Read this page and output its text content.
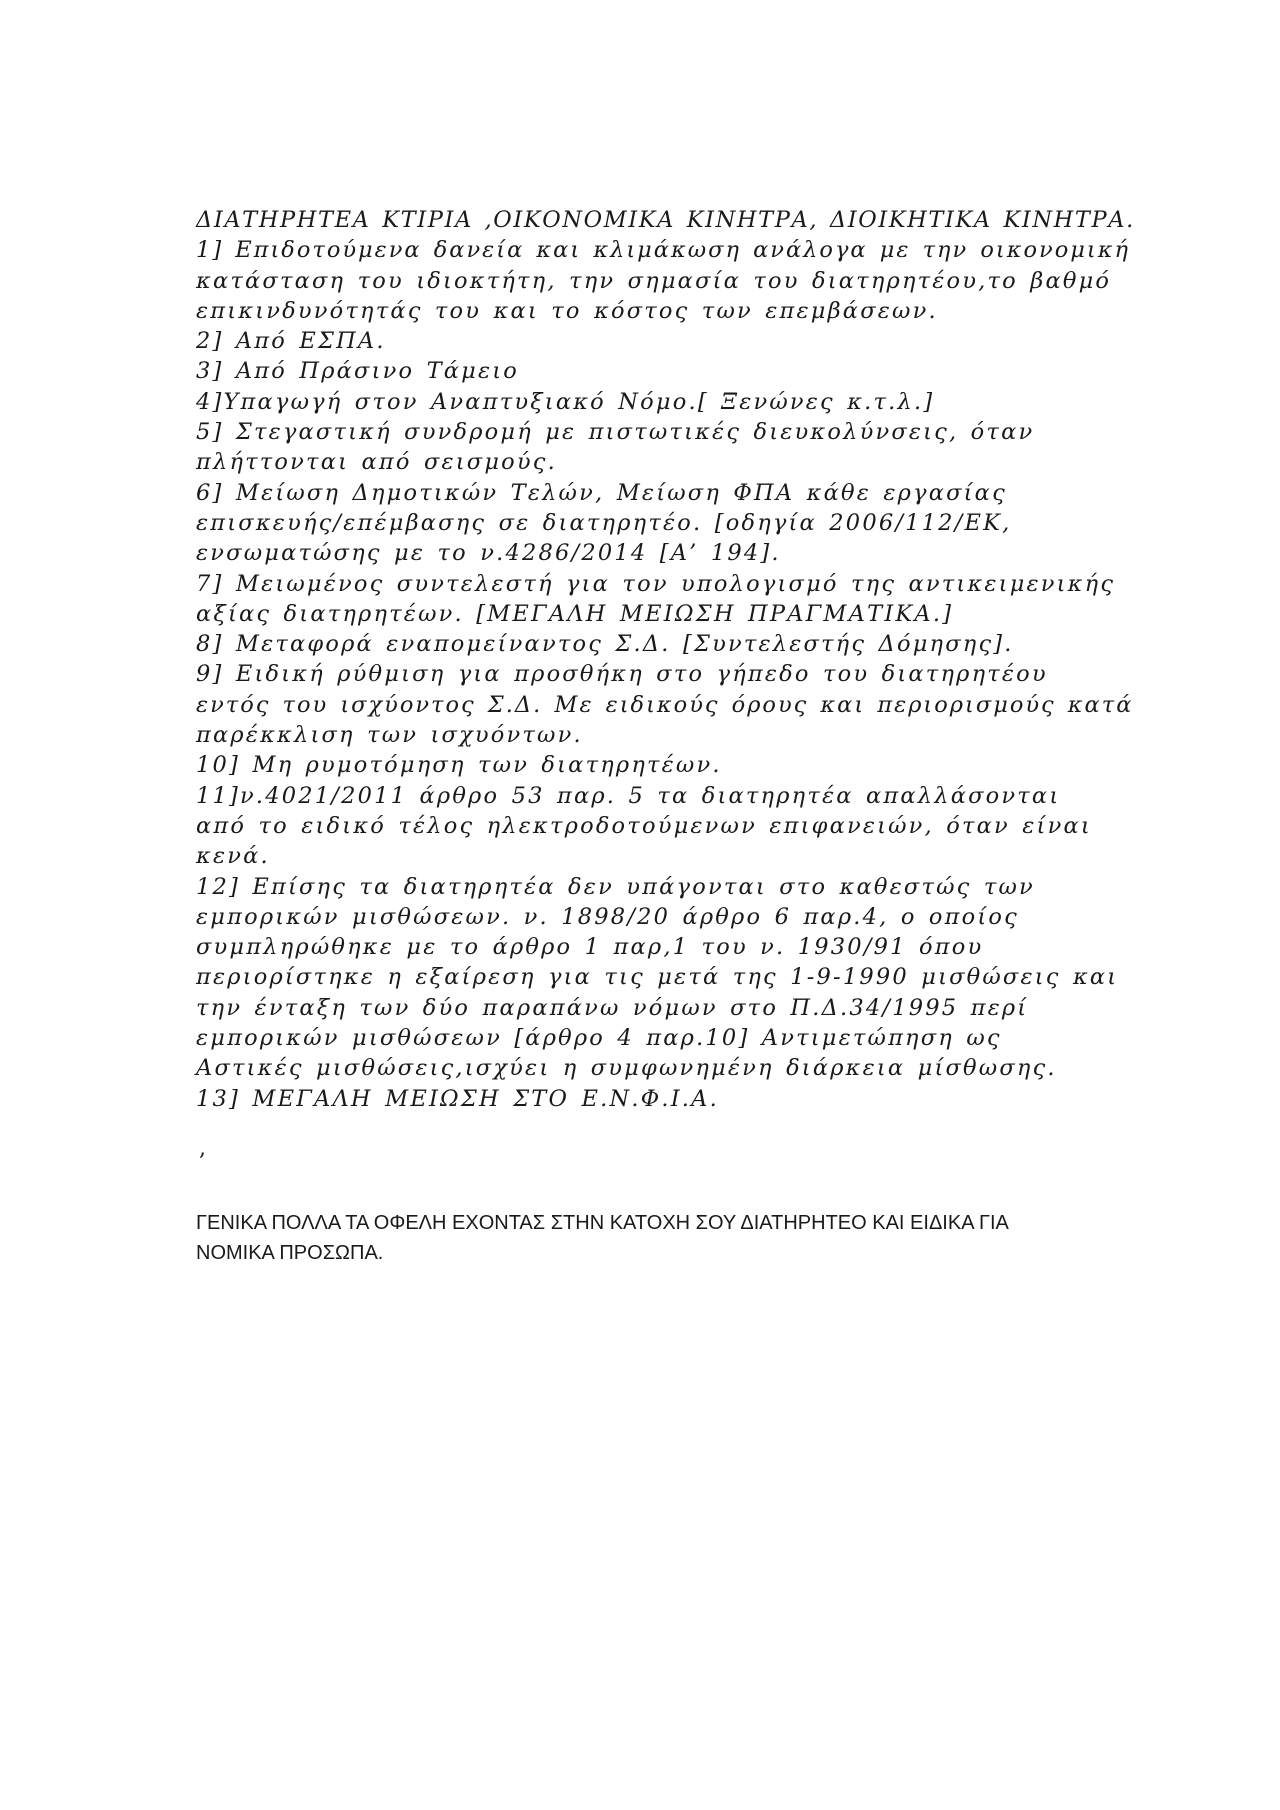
ΔΙΑΤΗΡΗΤΕΑ ΚΤΙΡΙΑ ,ΟΙΚΟΝΟΜΙΚΑ ΚΙΝΗΤΡΑ, ΔΙΟΙΚΗΤΙΚΑ ΚΙΝΗΤΡΑ.
1] Επιδοτούμενα δανεία και κλιμάκωση ανάλογα με την οικονομική
κατάσταση του ιδιοκτήτη, την σημασία του διατηρητέου,το βαθμό
επικινδυνότητάς του και το κόστος των επεμβάσεων.
2] Από ΕΣΠΑ.
3] Από Πράσινο Τάμειο
4]Υπαγωγή στον Αναπτυξιακό Νόμο.[ Ξενώνες κ.τ.λ.]
5] Στεγαστική συνδρομή με πιστωτικές διευκολύνσεις, όταν
πλήττονται από σεισμούς.
6] Μείωση Δημοτικών Τελών, Μείωση ΦΠΑ κάθε εργασίας
επισκευής/επέμβασης σε διατηρητέο. [οδηγία 2006/112/ΕΚ,
ενσωματώσης με το ν.4286/2014 [Α’ 194].
7] Μειωμένος συντελεστή για τον υπολογισμό της αντικειμενικής
αξίας διατηρητέων. [ΜΕΓΑΛΗ ΜΕΙΩΣΗ ΠΡΑΓΜΑΤΙΚΑ.]
8] Μεταφορά εναπομείναντος Σ.Δ. [Συντελεστής Δόμησης].
9] Ειδική ρύθμιση για προσθήκη στο γήπεδο του διατηρητέου
εντός του ισχύοντος Σ.Δ. Με ειδικούς όρους και περιορισμούς κατά
παρέκκλιση των ισχυόντων.
10] Μη ρυμοτόμηση των διατηρητέων.
11]ν.4021/2011 άρθρο 53 παρ. 5 τα διατηρητέα απαλλάσονται
από το ειδικό τέλος ηλεκτροδοτούμενων επιφανειών, όταν είναι
κενά.
12] Επίσης τα διατηρητέα δεν υπάγονται στο καθεστώς των
εμπορικών μισθώσεων. ν. 1898/20 άρθρο 6 παρ.4, ο οποίος
συμπληρώθηκε με το άρθρο 1 παρ,1 του ν. 1930/91 όπου
περιορίστηκε η εξαίρεση για τις μετά της 1-9-1990 μισθώσεις και
την ένταξη των δύο παραπάνω νόμων στο Π.Δ.34/1995 περί
εμπορικών μισθώσεων [άρθρο 4 παρ.10] Αντιμετώπηση ως
Αστικές μισθώσεις,ισχύει η συμφωνημένη διάρκεια μίσθωσης.
13] ΜΕΓΑΛΗ ΜΕΙΩΣΗ ΣΤΟ Ε.Ν.Φ.Ι.Α.
,
ΓΕΝΙΚΑ ΠΟΛΛΑ ΤΑ ΟΦΕΛΗ ΕΧΟΝΤΑΣ ΣΤΗΝ ΚΑΤΟΧΗ ΣΟΥ ΔΙΑΤΗΡΗΤΕΟ ΚΑΙ ΕΙΔΙΚΑ ΓΙΑ
ΝΟΜΙΚΑ ΠΡΟΣΩΠΑ.
